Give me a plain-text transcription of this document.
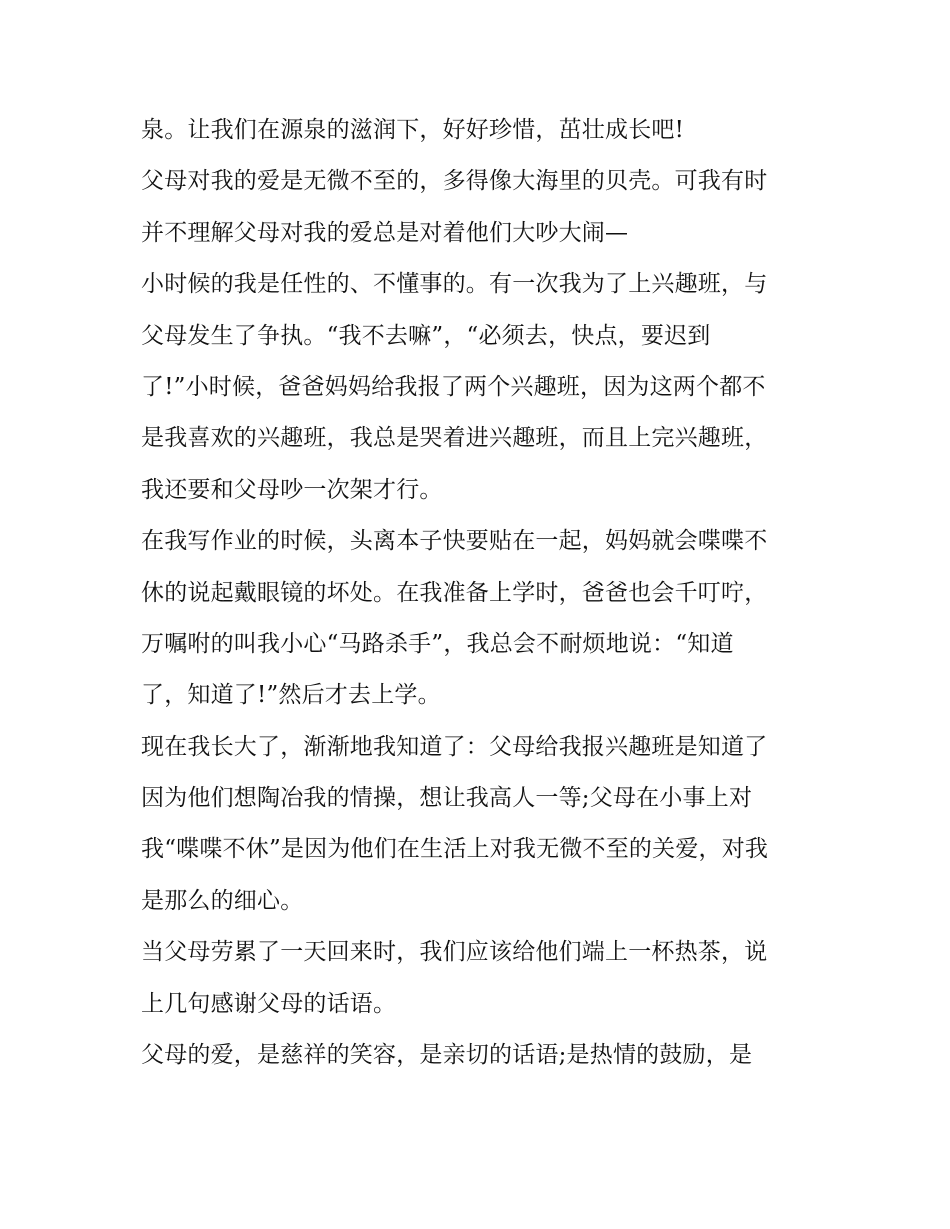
泉。让我们在源泉的滋润下，好好珍惜，茁壮成长吧!
父母对我的爱是无微不至的，多得像大海里的贝壳。可我有时
并不理解父母对我的爱总是对着他们大吵大闹—
小时候的我是任性的、不懂事的。有一次我为了上兴趣班，与
父母发生了争执。“我不去嘛”，“必须去，快点，要迟到
了!”小时候，爸爸妈妈给我报了两个兴趣班，因为这两个都不
是我喜欢的兴趣班，我总是哭着进兴趣班，而且上完兴趣班，
我还要和父母吵一次架才行。
在我写作业的时候，头离本子快要贴在一起，妈妈就会喋喋不
休的说起戴眼镜的坏处。在我准备上学时，爸爸也会千叮咛，
万嘱咐的叫我小心“马路杀手”，我总会不耐烦地说：“知道
了，知道了!”然后才去上学。
现在我长大了，渐渐地我知道了：父母给我报兴趣班是知道了
因为他们想陶冶我的情操，想让我高人一等;父母在小事上对
我“喋喋不休”是因为他们在生活上对我无微不至的关爱，对我
是那么的细心。
当父母劳累了一天回来时，我们应该给他们端上一杯热茶，说
上几句感谢父母的话语。
父母的爱，是慈祥的笑容，是亲切的话语;是热情的鼓励，是
